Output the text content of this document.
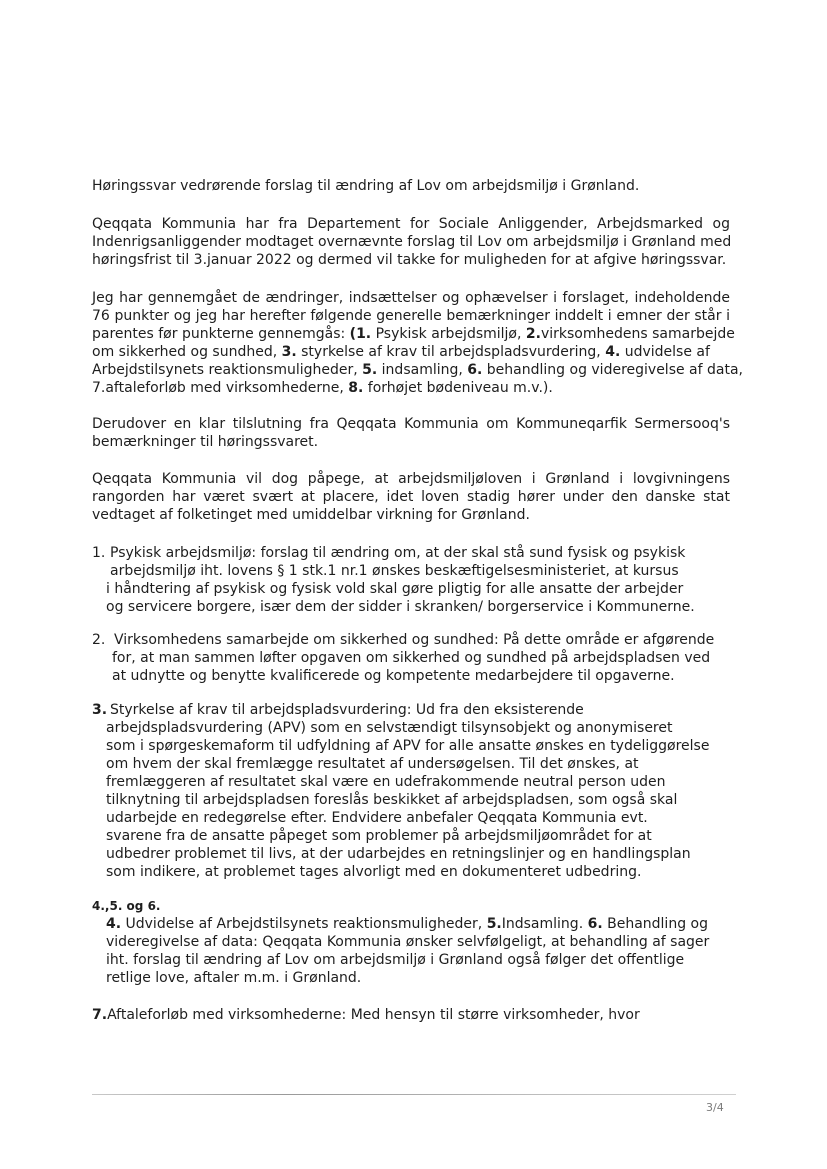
Høringssvar vedrørende forslag til ændring af Lov om arbejdsmiljø i Grønland.
Qeqqata Kommunia har fra Departement for Sociale Anliggender, Arbejdsmarked og
Indenrigsanliggender modtaget overnævnte forslag til Lov om arbejdsmiljø i Grønland med
høringsfrist til 3.januar 2022 og dermed vil takke for muligheden for at afgive høringssvar.
Jeg har gennemgået de ændringer, indsættelser og ophævelser i forslaget, indeholdende
76 punkter og jeg har herefter følgende generelle bemærkninger inddelt i emner der står i
parentes før punkterne gennemgås: (1. Psykisk arbejdsmiljø, 2.virksomhedens samarbejde
om sikkerhed og sundhed, 3. styrkelse af krav til arbejdspladsvurdering, 4. udvidelse af
Arbejdstilsynets reaktionsmuligheder, 5. indsamling, 6. behandling og videregivelse af data,
7.aftaleforløb med virksomhederne, 8. forhøjet bødeniveau m.v.).
Derudover en klar tilslutning fra Qeqqata Kommunia om Kommuneqarfik Sermersooq's
bemærkninger til høringssvaret.
Qeqqata Kommunia vil dog påpege, at arbejdsmiljøloven i Grønland i lovgivningens
rangorden har været svært at placere, idet loven stadig hører under den danske stat
vedtaget af folketinget med umiddelbar virkning for Grønland.
1. Psykisk arbejdsmiljø: forslag til ændring om, at der skal stå sund fysisk og psykisk
arbejdsmiljø iht. lovens § 1 stk.1 nr.1 ønskes beskæftigelsesministeriet, at kursus
i håndtering af psykisk og fysisk vold skal gøre pligtig for alle ansatte der arbejder
og servicere borgere, især dem der sidder i skranken/ borgerservice i Kommunerne.
2. Virksomhedens samarbejde om sikkerhed og sundhed: På dette område er afgørende
for, at man sammen løfter opgaven om sikkerhed og sundhed på arbejdspladsen ved
at udnytte og benytte kvalificerede og kompetente medarbejdere til opgaverne.
3. Styrkelse af krav til arbejdspladsvurdering: Ud fra den eksisterende
arbejdspladsvurdering (APV) som en selvstændigt tilsynsobjekt og anonymiseret
som i spørgeskemaform til udfyldning af APV for alle ansatte ønskes en tydeliggørelse
om hvem der skal fremlægge resultatet af undersøgelsen. Til det ønskes, at
fremlæggeren af resultatet skal være en udefrakommende neutral person uden
tilknytning til arbejdspladsen foreslås beskikket af arbejdspladsen, som også skal
udarbejde en redegørelse efter. Endvidere anbefaler Qeqqata Kommunia evt.
svarene fra de ansatte påpeget som problemer på arbejdsmiljøområdet for at
udbedrer problemet til livs, at der udarbejdes en retningslinjer og en handlingsplan
som indikere, at problemet tages alvorligt med en dokumenteret udbedring.
4.,5. og 6.
4. Udvidelse af Arbejdstilsynets reaktionsmuligheder, 5.Indsamling. 6. Behandling og
videregivelse af data: Qeqqata Kommunia ønsker selvfølgeligt, at behandling af sager
iht. forslag til ændring af Lov om arbejdsmiljø i Grønland også følger det offentlige
retlige love, aftaler m.m. i Grønland.
7.Aftaleforløb med virksomhederne: Med hensyn til større virksomheder, hvor
3/4
